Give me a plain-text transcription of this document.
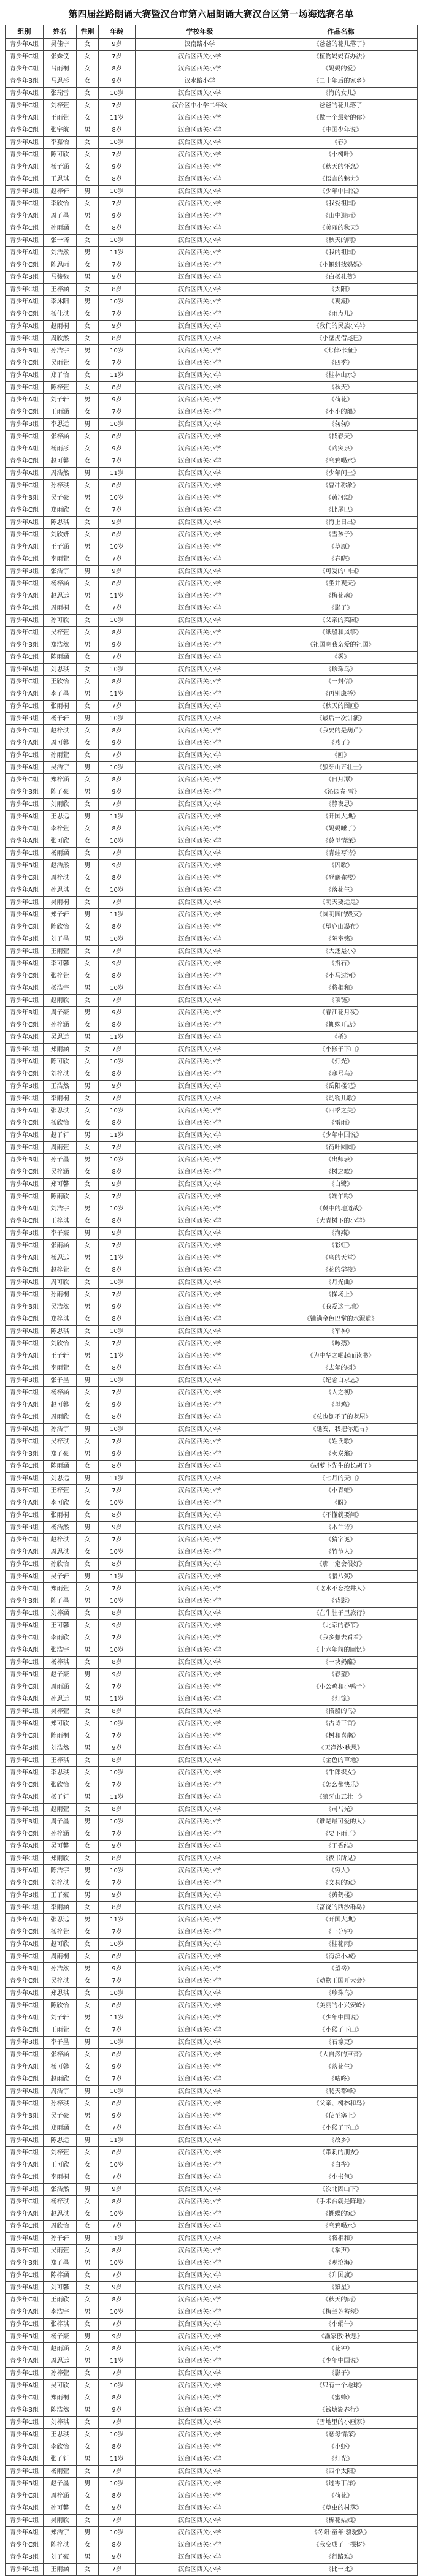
第四届丝路朗诵大赛暨汉台市第六届朗诵大赛汉台区第一场海选赛名单
组别	姓名	性别	年龄	学校年级	作品名称
青少年A组	吴佳宁	女	9岁	汉南路小学	《爸爸的花儿落了》
青少年C组	张姝仪	女	7岁	汉台区西关小学	《植物妈妈有办法》
青少年C组	吕雨桐	女	8岁	汉台区西关小学	《妈妈的爱》
青少年B组	马思彤	女	9岁	汉水路小学	《二十年后的家乡》
青少年A组	张瑞雪	女	10岁	汉台区西关小学	《海的女儿》
青少年C组	刘梓萱	女	7岁	汉台区中小学二年级	爸爸的花儿落了
青少年A组	王雨萱	女	11岁	汉台区西关小学	《做一个最好的你》
青少年C组	张宇航	男	8岁	汉台区西关小学	《中国少年说》
青少年A组	李嘉怡	女	10岁	汉台区西关小学	《春》
青少年C组	陈可欣	女	7岁	汉台区西关小学	《小树叶》
青少年A组	杨子涵	女	9岁	汉台区西关小学	《秋天的怀念》
青少年C组	王思琪	女	8岁	汉台区西关小学	《语言的魅力》
青少年B组	赵梓轩	男	10岁	汉台区西关小学	《少年中国说》
青少年C组	李欣怡	女	7岁	汉台区西关小学	《我爱祖国》
青少年A组	周子墨	男	9岁	汉台区西关小学	《山中避雨》
青少年C组	孙雨涵	女	8岁	汉台区西关小学	《美丽的秋天》
青少年A组	张一诺	女	10岁	汉台区西关小学	《秋天的雨》
青少年A组	刘浩然	男	11岁	汉台区西关小学	《我的祖国》
青少年C组	陈思雨	女	7岁	汉台区西关小学	《小蝌蚪找妈妈》
青少年B组	马骏驰	男	9岁	汉台区西关小学	《白杨礼赞》
青少年C组	王梓涵	女	8岁	汉台区西关小学	《太阳》
青少年A组	李沐阳	男	10岁	汉台区西关小学	《观潮》
青少年C组	杨佳琪	女	7岁	汉台区西关小学	《雨点儿》
青少年A组	赵雨桐	女	9岁	汉台区西关小学	《我们的民族小学》
青少年C组	周欣然	女	8岁	汉台区西关小学	《小壁虎借尾巴》
青少年B组	孙浩宇	男	10岁	汉台区西关小学	《七律·长征》
青少年C组	吴雨萱	女	7岁	汉台区西关小学	《四季》
青少年A组	郑子怡	女	11岁	汉台区西关小学	《桂林山水》
青少年C组	陈梓萱	女	8岁	汉台区西关小学	《秋天》
青少年A组	刘子轩	男	9岁	汉台区西关小学	《荷花》
青少年C组	王雨涵	女	7岁	汉台区西关小学	《小小的船》
青少年B组	李思远	男	10岁	汉台区西关小学	《匆匆》
青少年C组	张梓涵	女	8岁	汉台区西关小学	《找春天》
青少年A组	杨雨彤	女	9岁	汉台区西关小学	《趵突泉》
青少年C组	赵可馨	女	7岁	汉台区西关小学	《乌鸦喝水》
青少年A组	周浩然	男	11岁	汉台区西关小学	《少年闰土》
青少年C组	孙梓琪	女	8岁	汉台区西关小学	《曹冲称象》
青少年B组	吴子豪	男	10岁	汉台区西关小学	《黄河颂》
青少年C组	郑雨欣	女	7岁	汉台区西关小学	《比尾巴》
青少年A组	陈思琪	女	9岁	汉台区西关小学	《海上日出》
青少年C组	刘欣妍	女	8岁	汉台区西关小学	《雪孩子》
青少年A组	王子涵	男	10岁	汉台区西关小学	《草原》
青少年C组	李雨萱	女	7岁	汉台区西关小学	《春晓》
青少年B组	张浩宇	男	9岁	汉台区西关小学	《可爱的中国》
青少年C组	杨梓涵	女	8岁	汉台区西关小学	《坐井观天》
青少年A组	赵思远	男	11岁	汉台区西关小学	《梅花魂》
青少年C组	周雨桐	女	7岁	汉台区西关小学	《影子》
青少年A组	孙可欣	女	10岁	汉台区西关小学	《父亲的菜园》
青少年C组	吴梓萱	女	8岁	汉台区西关小学	《纸船和风筝》
青少年B组	郑浩然	男	9岁	汉台区西关小学	《祖国啊我亲爱的祖国》
青少年C组	陈雨涵	女	7岁	汉台区西关小学	《雾》
青少年A组	刘思琪	女	10岁	汉台区西关小学	《珍珠鸟》
青少年C组	王欣怡	女	8岁	汉台区西关小学	《一封信》
青少年A组	李子墨	男	11岁	汉台区西关小学	《再别康桥》
青少年C组	张雨桐	女	7岁	汉台区西关小学	《秋天的图画》
青少年B组	杨子轩	男	10岁	汉台区西关小学	《最后一次讲演》
青少年C组	赵梓琪	女	8岁	汉台区西关小学	《我要的是葫芦》
青少年A组	周可馨	女	9岁	汉台区西关小学	《燕子》
青少年C组	孙雨萱	女	7岁	汉台区西关小学	《画》
青少年A组	吴浩宇	男	10岁	汉台区西关小学	《狼牙山五壮士》
青少年C组	郑梓涵	女	8岁	汉台区西关小学	《日月潭》
青少年B组	陈子豪	男	9岁	汉台区西关小学	《沁园春·雪》
青少年C组	刘雨欣	女	7岁	汉台区西关小学	《静夜思》
青少年A组	王思远	男	11岁	汉台区西关小学	《开国大典》
青少年C组	李梓萱	女	8岁	汉台区西关小学	《妈妈睡了》
青少年A组	张可欣	女	10岁	汉台区西关小学	《慈母情深》
青少年C组	杨雨涵	女	7岁	汉台区西关小学	《青蛙写诗》
青少年B组	赵浩然	男	9岁	汉台区西关小学	《囚歌》
青少年C组	周梓琪	女	8岁	汉台区西关小学	《登鹳雀楼》
青少年A组	孙思琪	女	10岁	汉台区西关小学	《落花生》
青少年C组	吴雨桐	女	7岁	汉台区西关小学	《明天要远足》
青少年A组	郑子轩	男	11岁	汉台区西关小学	《圆明园的毁灭》
青少年C组	陈欣怡	女	8岁	汉台区西关小学	《望庐山瀑布》
青少年B组	刘子墨	男	10岁	汉台区西关小学	《陋室铭》
青少年C组	王雨萱	女	7岁	汉台区西关小学	《大还是小》
青少年A组	李可馨	女	9岁	汉台区西关小学	《搭石》
青少年C组	张梓萱	女	8岁	汉台区西关小学	《小马过河》
青少年A组	杨浩宇	男	10岁	汉台区西关小学	《将相和》
青少年C组	赵雨欣	女	7岁	汉台区西关小学	《项链》
青少年B组	周子豪	男	9岁	汉台区西关小学	《春江花月夜》
青少年C组	孙梓涵	女	8岁	汉台区西关小学	《蜘蛛开店》
青少年A组	吴思远	男	11岁	汉台区西关小学	《桥》
青少年C组	郑雨涵	女	7岁	汉台区西关小学	《小猴子下山》
青少年A组	陈可欣	女	10岁	汉台区西关小学	《灯光》
青少年C组	刘梓琪	女	8岁	汉台区西关小学	《寒号鸟》
青少年B组	王浩然	男	9岁	汉台区西关小学	《岳阳楼记》
青少年C组	李雨桐	女	7岁	汉台区西关小学	《动物儿歌》
青少年A组	张思琪	女	10岁	汉台区西关小学	《四季之美》
青少年C组	杨欣怡	女	8岁	汉台区西关小学	《雷雨》
青少年A组	赵子轩	男	11岁	汉台区西关小学	《少年中国说》
青少年C组	周雨萱	女	7岁	汉台区西关小学	《荷叶圆圆》
青少年B组	孙子墨	男	10岁	汉台区西关小学	《出师表》
青少年C组	吴梓涵	女	8岁	汉台区西关小学	《树之歌》
青少年A组	郑可馨	女	9岁	汉台区西关小学	《白鹭》
青少年C组	陈雨欣	女	7岁	汉台区西关小学	《端午粽》
青少年A组	刘浩宇	男	10岁	汉台区西关小学	《冀中的地道战》
青少年C组	王梓琪	女	8岁	汉台区西关小学	《大青树下的小学》
青少年B组	李子豪	男	9岁	汉台区西关小学	《海燕》
青少年C组	张雨涵	女	7岁	汉台区西关小学	《彩虹》
青少年A组	杨思远	男	11岁	汉台区西关小学	《鸟的天堂》
青少年C组	赵梓萱	女	8岁	汉台区西关小学	《花的学校》
青少年A组	周可欣	女	10岁	汉台区西关小学	《月光曲》
青少年C组	孙雨桐	女	7岁	汉台区西关小学	《操场上》
青少年B组	吴浩然	男	9岁	汉台区西关小学	《我爱这土地》
青少年C组	郑梓琪	女	8岁	汉台区西关小学	《铺满金色巴掌的水泥道》
青少年A组	陈思琪	女	10岁	汉台区西关小学	《军神》
青少年C组	刘欣怡	女	7岁	汉台区西关小学	《咏鹅》
青少年A组	王子轩	男	11岁	汉台区西关小学	《为中华之崛起而读书》
青少年C组	李雨萱	女	8岁	汉台区西关小学	《去年的树》
青少年B组	张子墨	男	10岁	汉台区西关小学	《纪念白求恩》
青少年C组	杨梓涵	女	7岁	汉台区西关小学	《人之初》
青少年A组	赵可馨	女	9岁	汉台区西关小学	《母鸡》
青少年C组	周雨欣	女	8岁	汉台区西关小学	《总也倒不了的老屋》
青少年A组	孙浩宇	男	10岁	汉台区西关小学	《延安，我把你追寻》
青少年C组	吴梓琪	女	7岁	汉台区西关小学	《姓氏歌》
青少年B组	郑子豪	男	9岁	汉台区西关小学	《卖炭翁》
青少年C组	陈雨涵	女	8岁	汉台区西关小学	《胡萝卜先生的长胡子》
青少年A组	刘思远	男	11岁	汉台区西关小学	《七月的天山》
青少年C组	王梓萱	女	7岁	汉台区西关小学	《小青蛙》
青少年A组	李可欣	女	10岁	汉台区西关小学	《盼》
青少年C组	张雨桐	女	8岁	汉台区西关小学	《不懂就要问》
青少年B组	杨浩然	男	9岁	汉台区西关小学	《木兰诗》
青少年C组	赵梓琪	女	7岁	汉台区西关小学	《猜字谜》
青少年A组	周思琪	女	10岁	汉台区西关小学	《竹节人》
青少年C组	孙欣怡	女	8岁	汉台区西关小学	《那一定会很好》
青少年A组	吴子轩	男	11岁	汉台区西关小学	《腊八粥》
青少年C组	郑雨萱	女	7岁	汉台区西关小学	《吃水不忘挖井人》
青少年B组	陈子墨	男	10岁	汉台区西关小学	《背影》
青少年C组	刘梓涵	女	8岁	汉台区西关小学	《在牛肚子里旅行》
青少年A组	王可馨	女	9岁	汉台区西关小学	《北京的春节》
青少年C组	李雨欣	女	7岁	汉台区西关小学	《我多想去看看》
青少年A组	张浩宇	男	10岁	汉台区西关小学	《十六年前的回忆》
青少年C组	杨梓琪	女	8岁	汉台区西关小学	《一块奶酪》
青少年B组	赵子豪	男	9岁	汉台区西关小学	《春望》
青少年C组	周雨涵	女	7岁	汉台区西关小学	《小公鸡和小鸭子》
青少年A组	孙思远	男	11岁	汉台区西关小学	《灯笼》
青少年C组	吴梓萱	女	8岁	汉台区西关小学	《搭船的鸟》
青少年A组	郑可欣	女	10岁	汉台区西关小学	《古诗三首》
青少年C组	陈雨桐	女	7岁	汉台区西关小学	《树和喜鹊》
青少年B组	刘浩然	男	9岁	汉台区西关小学	《天净沙·秋思》
青少年C组	王梓琪	女	8岁	汉台区西关小学	《金色的草地》
青少年A组	李思琪	女	10岁	汉台区西关小学	《牛郎织女》
青少年C组	张欣怡	女	7岁	汉台区西关小学	《怎么都快乐》
青少年A组	杨子轩	男	11岁	汉台区西关小学	《狼牙山五壮士》
青少年C组	赵雨萱	女	8岁	汉台区西关小学	《司马光》
青少年B组	周子墨	男	10岁	汉台区西关小学	《谁是最可爱的人》
青少年C组	孙梓涵	女	7岁	汉台区西关小学	《要下雨了》
青少年A组	吴可馨	女	9岁	汉台区西关小学	《丁香结》
青少年C组	郑雨欣	女	8岁	汉台区西关小学	《夜书所见》
青少年A组	陈浩宇	男	10岁	汉台区西关小学	《穷人》
青少年C组	刘梓琪	女	7岁	汉台区西关小学	《文具的家》
青少年B组	王子豪	男	9岁	汉台区西关小学	《黄鹤楼》
青少年C组	李雨涵	女	8岁	汉台区西关小学	《富饶的西沙群岛》
青少年A组	张思远	男	11岁	汉台区西关小学	《开国大典》
青少年C组	杨梓萱	女	7岁	汉台区西关小学	《一分钟》
青少年A组	赵可欣	女	10岁	汉台区西关小学	《桂花雨》
青少年C组	周雨桐	女	8岁	汉台区西关小学	《海滨小城》
青少年B组	孙浩然	男	9岁	汉台区西关小学	《望岳》
青少年C组	吴梓琪	女	7岁	汉台区西关小学	《动物王国开大会》
青少年A组	郑思琪	女	10岁	汉台区西关小学	《珍珠鸟》
青少年C组	陈欣怡	女	8岁	汉台区西关小学	《美丽的小兴安岭》
青少年A组	刘子轩	男	11岁	汉台区西关小学	《少年中国说》
青少年C组	王雨萱	女	7岁	汉台区西关小学	《小猴子下山》
青少年B组	李子墨	男	10岁	汉台区西关小学	《石壕吏》
青少年C组	张梓涵	女	8岁	汉台区西关小学	《大自然的声音》
青少年A组	杨可馨	女	9岁	汉台区西关小学	《落花生》
青少年C组	赵雨欣	女	7岁	汉台区西关小学	《咕咚》
青少年A组	周浩宇	男	10岁	汉台区西关小学	《爬天都峰》
青少年C组	孙梓琪	女	8岁	汉台区西关小学	《父亲、树林和鸟》
青少年B组	吴子豪	男	9岁	汉台区西关小学	《使至塞上》
青少年C组	郑雨涵	女	7岁	汉台区西关小学	《小猴子下山》
青少年A组	陈思远	男	11岁	汉台区西关小学	《故乡》
青少年C组	刘梓萱	女	8岁	汉台区西关小学	《带刺的朋友》
青少年A组	王可欣	女	10岁	汉台区西关小学	《白桦》
青少年C组	李雨桐	女	7岁	汉台区西关小学	《小书包》
青少年B组	张浩然	男	9岁	汉台区西关小学	《次北固山下》
青少年C组	杨梓琪	女	8岁	汉台区西关小学	《手术台就是阵地》
青少年A组	赵思琪	女	10岁	汉台区西关小学	《蝴蝶的家》
青少年C组	周欣怡	女	7岁	汉台区西关小学	《乌鸦喝水》
青少年A组	孙子轩	男	11岁	汉台区西关小学	《将相和》
青少年C组	吴雨萱	女	8岁	汉台区西关小学	《掌声》
青少年B组	郑子墨	男	10岁	汉台区西关小学	《观沧海》
青少年C组	陈梓涵	女	7岁	汉台区西关小学	《升国旗》
青少年A组	刘可馨	女	9岁	汉台区西关小学	《繁星》
青少年C组	王雨欣	女	8岁	汉台区西关小学	《秋天的雨》
青少年A组	李浩宇	男	10岁	汉台区西关小学	《梅兰芳蓄须》
青少年C组	张梓琪	女	7岁	汉台区西关小学	《小蜗牛》
青少年B组	杨子豪	男	9岁	汉台区西关小学	《渔家傲·秋思》
青少年C组	赵雨涵	女	8岁	汉台区西关小学	《花钟》
青少年A组	周思远	男	11岁	汉台区西关小学	《少年中国说》
青少年C组	孙梓萱	女	7岁	汉台区西关小学	《影子》
青少年A组	吴可欣	女	10岁	汉台区西关小学	《只有一个地球》
青少年C组	郑雨桐	女	8岁	汉台区西关小学	《蜜蜂》
青少年B组	陈浩然	男	9岁	汉台区西关小学	《钱塘湖春行》
青少年C组	刘梓琪	女	7岁	汉台区西关小学	《雪地里的小画家》
青少年A组	王思琪	女	10岁	汉台区西关小学	《慈母情深》
青少年C组	李欣怡	女	8岁	汉台区西关小学	《小虾》
青少年A组	张子轩	男	11岁	汉台区西关小学	《灯光》
青少年C组	杨雨萱	女	7岁	汉台区西关小学	《四个太阳》
青少年B组	赵子墨	男	10岁	汉台区西关小学	《过零丁洋》
青少年C组	周梓涵	女	8岁	汉台区西关小学	《荷花》
青少年A组	孙可馨	女	9岁	汉台区西关小学	《草虫的村落》
青少年C组	吴雨欣	女	7岁	汉台区西关小学	《棉花姑娘》
青少年A组	郑浩宇	男	10岁	汉台区西关小学	《冬阳·童年·骆驼队》
青少年C组	陈梓琪	女	8岁	汉台区西关小学	《我变成了一棵树》
青少年B组	刘子豪	男	9岁	汉台区西关小学	《行路难》
青少年C组	王雨涵	女	7岁	汉台区西关小学	《比一比》
